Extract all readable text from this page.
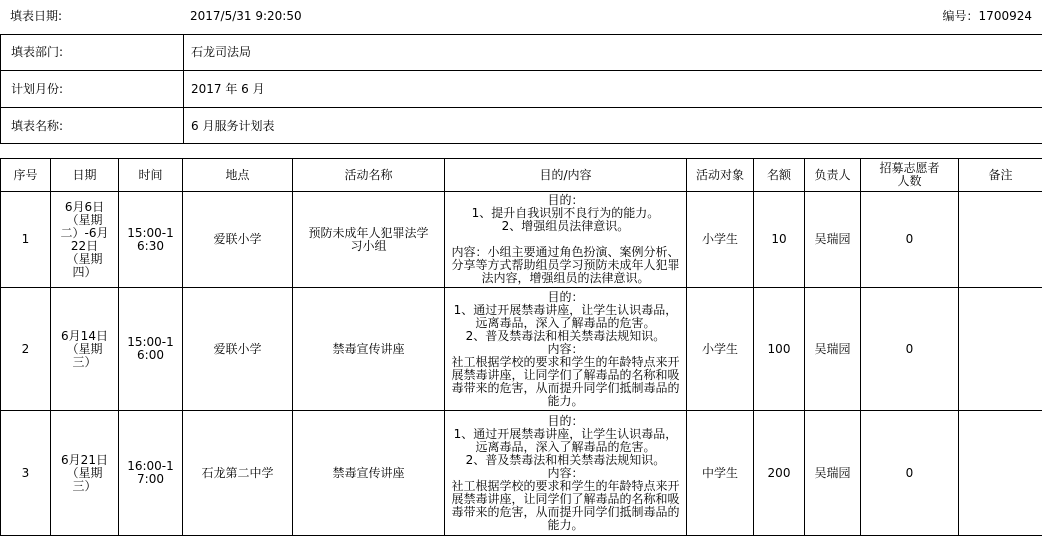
填表日期:	2017/5/31 9:20:50	编号：1700924
填表部门:	石龙司法局
计划月份:	2017 年 6 月
填表名称:	6 月服务计划表
序号	日期	时间	地点	活动名称	目的/内容	活动对象	名额	负责人	招募志愿者人数	备注
1	6月6日（星期二）-6月22日（星期四）	15:00-16:30	爱联小学	预防未成年人犯罪法学习小组	目的：
1、提升自我识别不良行为的能力。
2、增强组员法律意识。

内容：小组主要通过角色扮演、案例分析、分享等方式帮助组员学习预防未成年人犯罪法内容，增强组员的法律意识。	小学生	10	吴瑞园	0	
2	6月14日（星期三）	15:00-16:00	爱联小学	禁毒宣传讲座	目的：
1、通过开展禁毒讲座，让学生认识毒品，远离毒品，深入了解毒品的危害。
2、普及禁毒法和相关禁毒法规知识。
内容：
社工根据学校的要求和学生的年龄特点来开展禁毒讲座，让同学们了解毒品的名称和吸毒带来的危害，从而提升同学们抵制毒品的能力。	小学生	100	吴瑞园	0	
3	6月21日（星期三）	16:00-17:00	石龙第二中学	禁毒宣传讲座	目的：
1、通过开展禁毒讲座，让学生认识毒品，远离毒品，深入了解毒品的危害。
2、普及禁毒法和相关禁毒法规知识。
内容：
社工根据学校的要求和学生的年龄特点来开展禁毒讲座，让同学们了解毒品的名称和吸毒带来的危害，从而提升同学们抵制毒品的能力。	中学生	200	吴瑞园	0	
